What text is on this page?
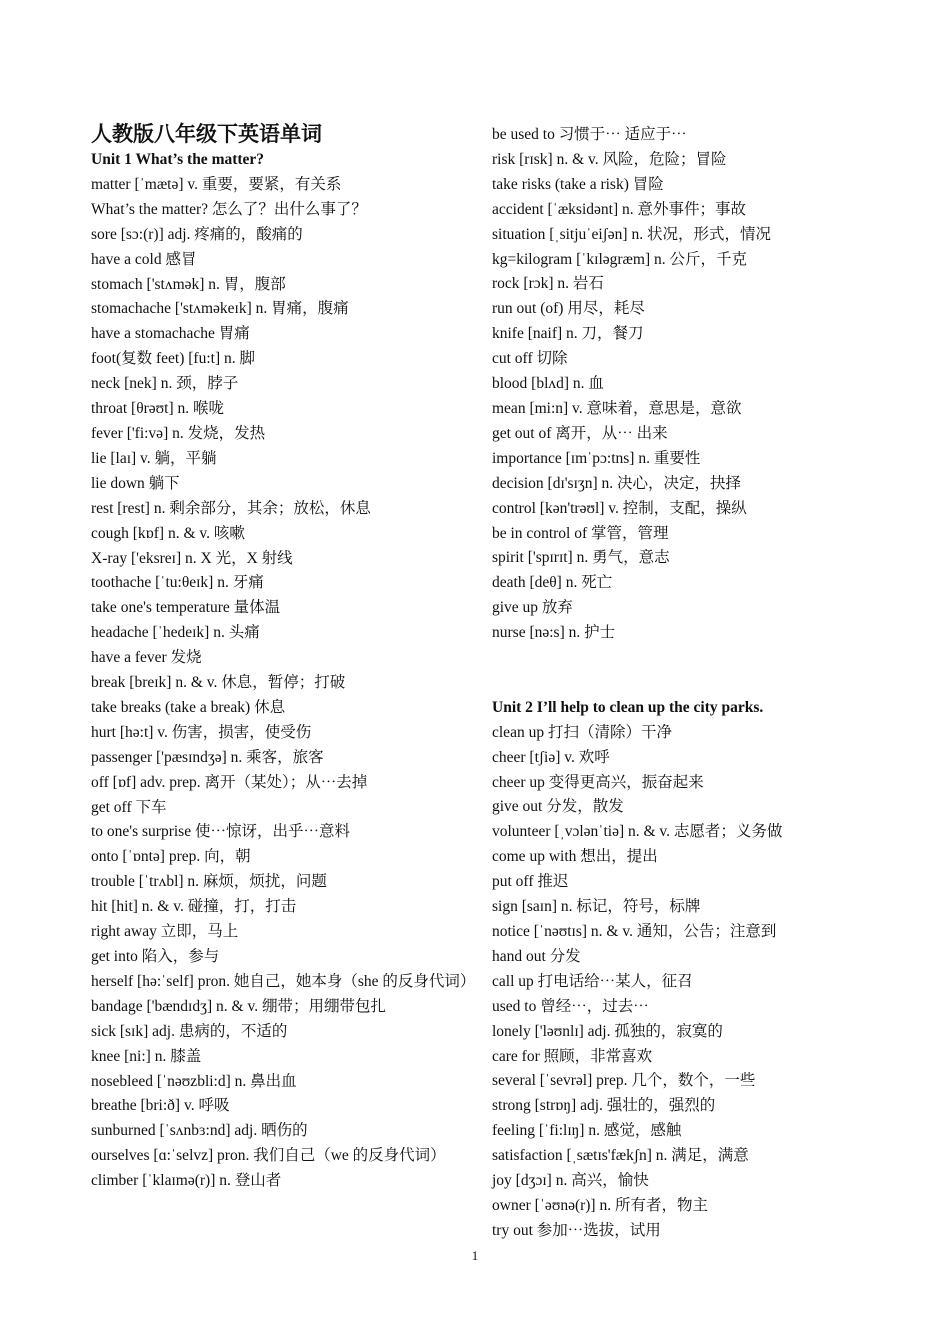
人教版八年级下英语单词
Unit 1 What’s the matter?
matter [ˈmætə] v. 重要，要紧，有关系
What’s the matter? 怎么了？出什么事了？
sore [sɔ:(r)] adj. 疼痛的，酸痛的
have a cold 感冒
stomach ['stʌmək] n. 胃，腹部
stomachache ['stʌməkeɪk] n. 胃痛，腹痛
have a stomachache 胃痛
foot(复数 feet) [fu:t] n. 脚
neck [nek] n. 颈，脖子
throat [θrəʊt] n. 喉咙
fever ['fi:və] n. 发烧，发热
lie [laɪ] v. 躺，平躺
lie down 躺下
rest [rest] n. 剩余部分，其余；放松，休息
cough [kɒf] n. & v. 咳嗽
X-ray ['eksreɪ] n. X 光，X 射线
toothache [ˈtu:θeɪk] n. 牙痛
take one's temperature 量体温
headache [ˈhedeɪk] n. 头痛
have a fever 发烧
break [breɪk] n. & v. 休息，暂停；打破
take breaks (take a break) 休息
hurt [hə:t] v. 伤害，损害，使受伤
passenger ['pæsɪndʒə] n. 乘客，旅客
off [ɒf] adv. prep. 离开（某处）；从⋯去掉
get off 下车
to one's surprise 使⋯惊讶，出乎⋯意料
onto [ˈɒntə] prep. 向，朝
trouble [ˈtrʌbl] n. 麻烦，烦扰，问题
hit [hit] n. & v. 碰撞，打，打击
right away 立即，马上
get into 陷入，参与
herself [hə:ˈself] pron. 她自己，她本身（she 的反身代词）
bandage ['bændɪdʒ] n. & v. 绷带；用绷带包扎
sick [sɪk] adj. 患病的，不适的
knee [ni:] n. 膝盖
nosebleed [ˈnəʊzbli:d] n. 鼻出血
breathe [bri:ð] v. 呼吸
sunburned [ˈsʌnbɜ:nd] adj. 晒伤的
ourselves [ɑ:ˈselvz] pron. 我们自己（we 的反身代词）
climber [ˈklaɪmə(r)] n. 登山者
be used to 习惯于⋯ 适应于⋯
risk [rɪsk] n. & v. 风险，危险；冒险
take risks (take a risk) 冒险
accident [ˈæksidənt] n. 意外事件；事故
situation [ˌsitjuˈeiʃən] n. 状况，形式，情况
kg=kilogram [ˈkɪləgræm] n. 公斤，千克
rock [rɔk] n. 岩石
run out (of) 用尽，耗尽
knife [naif] n. 刀，餐刀
cut off 切除
blood [blʌd] n. 血
mean [mi:n] v. 意味着，意思是，意欲
get out of 离开，从⋯ 出来
importance [ɪmˈpɔ:tns] n. 重要性
decision [dɪ'sɪʒn] n. 决心，决定，抉择
control [kən'trəʊl] v. 控制，支配，操纵
be in control of 掌管，管理
spirit ['spɪrɪt] n. 勇气，意志
death [deθ] n. 死亡
give up 放弃
nurse [nə:s] n. 护士
Unit 2 I’ll help to clean up the city parks.
clean up 打扫（清除）干净
cheer [tʃiə] v. 欢呼
cheer up 变得更高兴，振奋起来
give out 分发，散发
volunteer [ˌvɔlənˈtiə] n. & v. 志愿者；义务做
come up with 想出，提出
put off 推迟
sign [saɪn] n. 标记，符号，标牌
notice [ˈnəʊtɪs] n. & v. 通知，公告；注意到
hand out 分发
call up 打电话给⋯某人，征召
used to 曾经⋯，过去⋯
lonely ['ləʊnlɪ] adj. 孤独的，寂寞的
care for 照顾，非常喜欢
several [ˈsevrəl] prep. 几个，数个，一些
strong [strɒŋ] adj. 强壮的，强烈的
feeling [ˈfi:lɪŋ] n. 感觉，感触
satisfaction [ˌsætɪs'fækʃn] n. 满足，满意
joy [dʒɔɪ] n. 高兴，愉快
owner [ˈəʊnə(r)] n. 所有者，物主
try out 参加⋯选拔，试用
1
